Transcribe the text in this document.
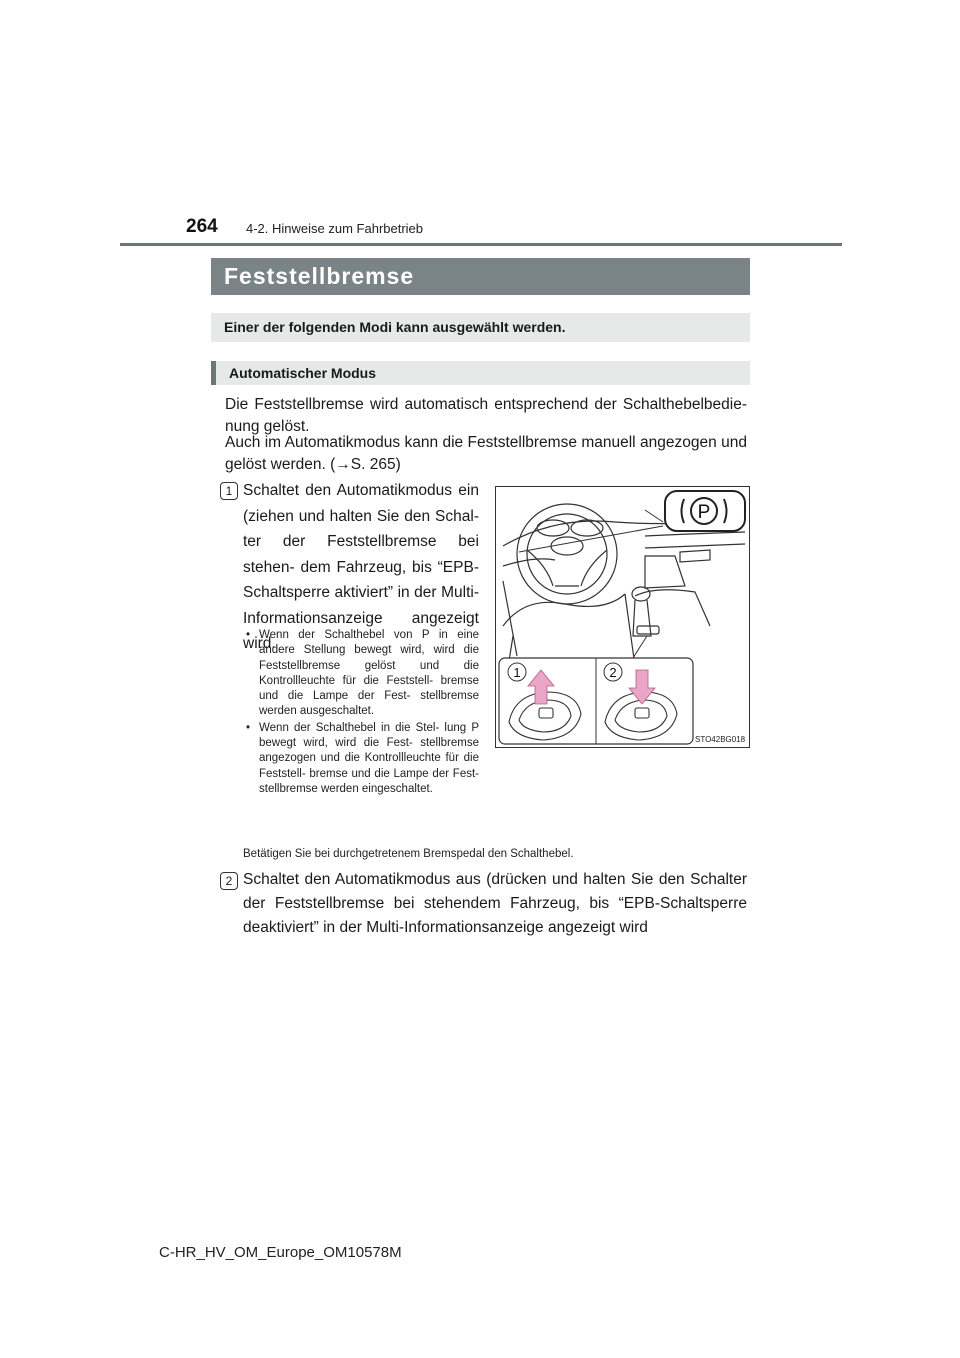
264 4-2. Hinweise zum Fahrbetrieb
Feststellbremse
Einer der folgenden Modi kann ausgewählt werden.
Automatischer Modus
Die Feststellbremse wird automatisch entsprechend der Schalthebelbedie- nung gelöst.
Auch im Automatikmodus kann die Feststellbremse manuell angezogen und gelöst werden. (→S. 265)
1 Schaltet den Automatikmodus ein (ziehen und halten Sie den Schal- ter der Feststellbremse bei stehen- dem Fahrzeug, bis “EPB- Schaltsperre aktiviert” in der Multi- Informationsanzeige angezeigt wird.
• Wenn der Schalthebel von P in eine andere Stellung bewegt wird, wird die Feststellbremse gelöst und die Kontrollleuchte für die Feststell- bremse und die Lampe der Fest- stellbremse werden ausgeschaltet.
• Wenn der Schalthebel in die Stel- lung P bewegt wird, wird die Fest- stellbremse angezogen und die Kontrollleuchte für die Feststell- bremse und die Lampe der Fest- stellbremse werden eingeschaltet.
Betätigen Sie bei durchgetretenem Bremspedal den Schalthebel.
2 Schaltet den Automatikmodus aus (drücken und halten Sie den Schalter der Feststellbremse bei stehendem Fahrzeug, bis “EPB-Schaltsperre deaktiviert” in der Multi-Informationsanzeige angezeigt wird
P
1	2
STO42BG018
C-HR_HV_OM_Europe_OM10578M
